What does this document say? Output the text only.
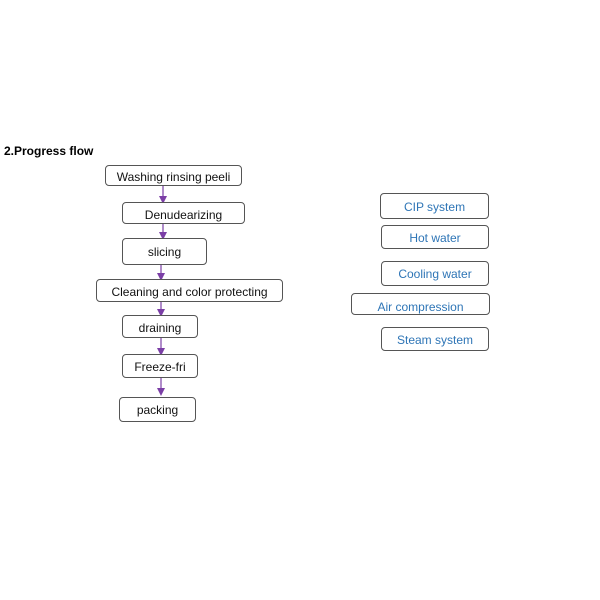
2.Progress flow
Washing rinsing peeli
Denudearizing
slicing
Cleaning and color protecting
draining
Freeze-fri
packing
CIP system
Hot water
Cooling water
Air compression
Steam system
